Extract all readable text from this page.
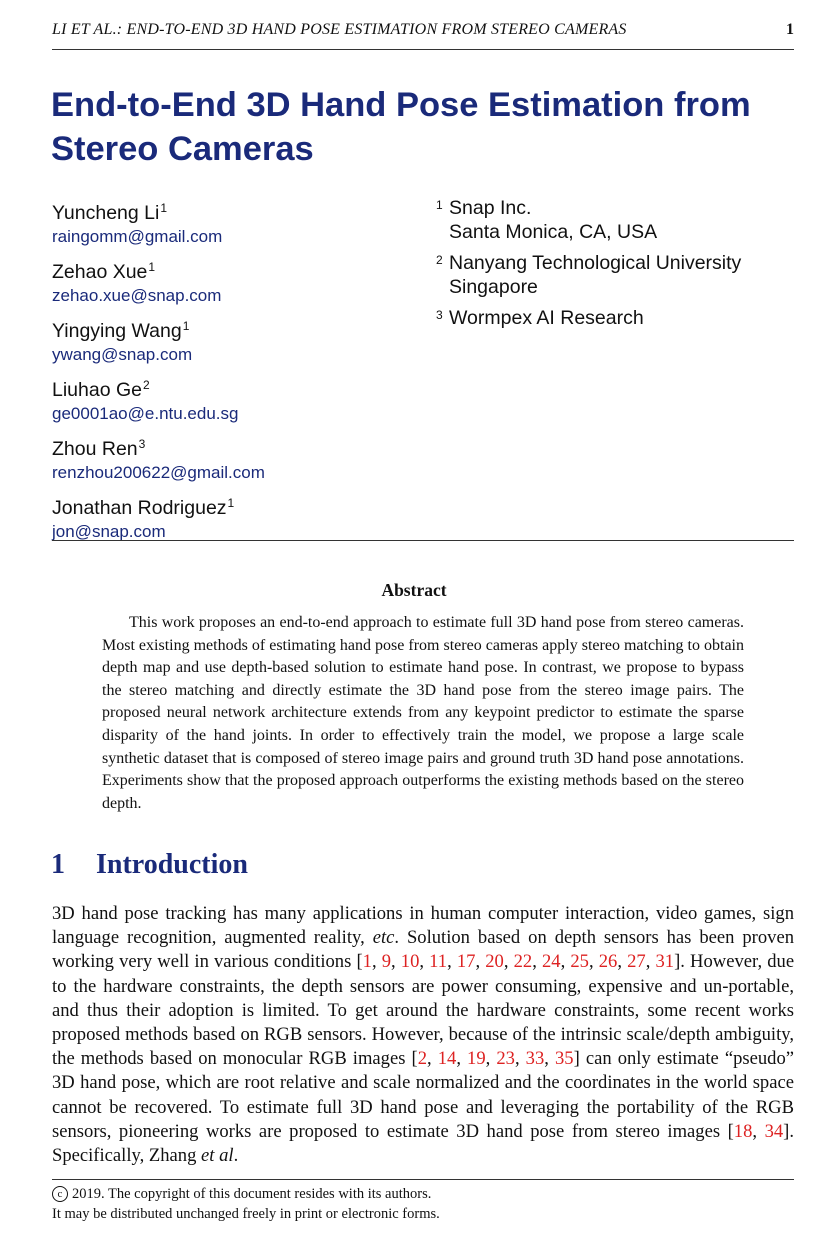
LI ET AL.: END-TO-END 3D HAND POSE ESTIMATION FROM STEREO CAMERAS	1
End-to-End 3D Hand Pose Estimation from
Stereo Cameras
Yuncheng Li$^1$
raingomm@gmail.com
Zehao Xue$^1$
zehao.xue@snap.com
Yingying Wang$^1$
ywang@snap.com
Liuhao Ge$^2$
ge0001ao@e.ntu.edu.sg
Zhou Ren$^3$
renzhou200622@gmail.com
Jonathan Rodriguez$^1$
jon@snap.com
1 Snap Inc.
Santa Monica, CA, USA
2 Nanyang Technological University
Singapore
3 Wormpex AI Research
Abstract
This work proposes an end-to-end approach to estimate full 3D hand pose from stereo cameras. Most existing methods of estimating hand pose from stereo cameras apply stereo matching to obtain depth map and use depth-based solution to estimate hand pose. In contrast, we propose to bypass the stereo matching and directly estimate the 3D hand pose from the stereo image pairs. The proposed neural network architecture extends from any keypoint predictor to estimate the sparse disparity of the hand joints. In order to effectively train the model, we propose a large scale synthetic dataset that is composed of stereo image pairs and ground truth 3D hand pose annotations. Experiments show that the proposed approach outperforms the existing methods based on the stereo depth.
1 Introduction
3D hand pose tracking has many applications in human computer interaction, video games, sign language recognition, augmented reality, etc. Solution based on depth sensors has been proven working very well in various conditions [1, 9, 10, 11, 17, 20, 22, 24, 25, 26, 27, 31]. However, due to the hardware constraints, the depth sensors are power consuming, expensive and un-portable, and thus their adoption is limited. To get around the hardware constraints, some recent works proposed methods based on RGB sensors. However, because of the intrinsic scale/depth ambiguity, the methods based on monocular RGB images [2, 14, 19, 23, 33, 35] can only estimate “pseudo” 3D hand pose, which are root relative and scale normalized and the coordinates in the world space cannot be recovered. To estimate full 3D hand pose and leveraging the portability of the RGB sensors, pioneering works are proposed to estimate 3D hand pose from stereo images [18, 34]. Specifically, Zhang et al.
c 2019. The copyright of this document resides with its authors.
It may be distributed unchanged freely in print or electronic forms.
